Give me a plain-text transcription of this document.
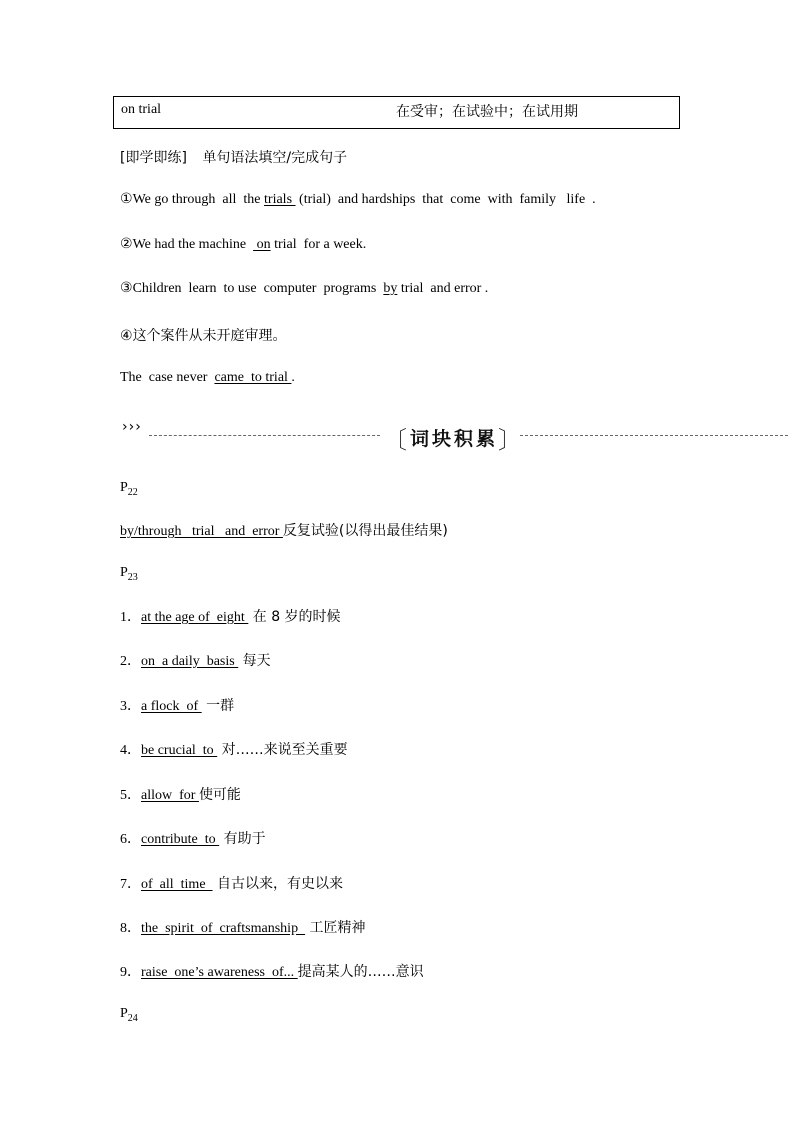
on trial	在受审；在试验中；在试用期
[即学即练] 单句语法填空/完成句子
①We go through  all  the trials  (trial)  and hardships  that  come  with  family   life  .
②We had the machine   on trial  for a week.
③Children  learn  to use  computer  programs  by trial  and error .
④这个案件从未开庭审理。
The  case never  came  to trial .
›››	〔 词块积累 〕
$P_{22}$
by/through   trial   and  error 反复试验(以得出最佳结果)
$P_{23}$
1．at the age of  eight  在 8 岁的时候
2．on  a daily  basis  每天
3．a flock  of  一群
4．be crucial  to  对……来说至关重要
5．allow  for 使可能
6．contribute  to  有助于
7．of  all  time   自古以来，有史以来
8．the  spirit  of  craftsmanship   工匠精神
9．raise  one’s awareness  of... 提高某人的……意识
$P_{24}$
